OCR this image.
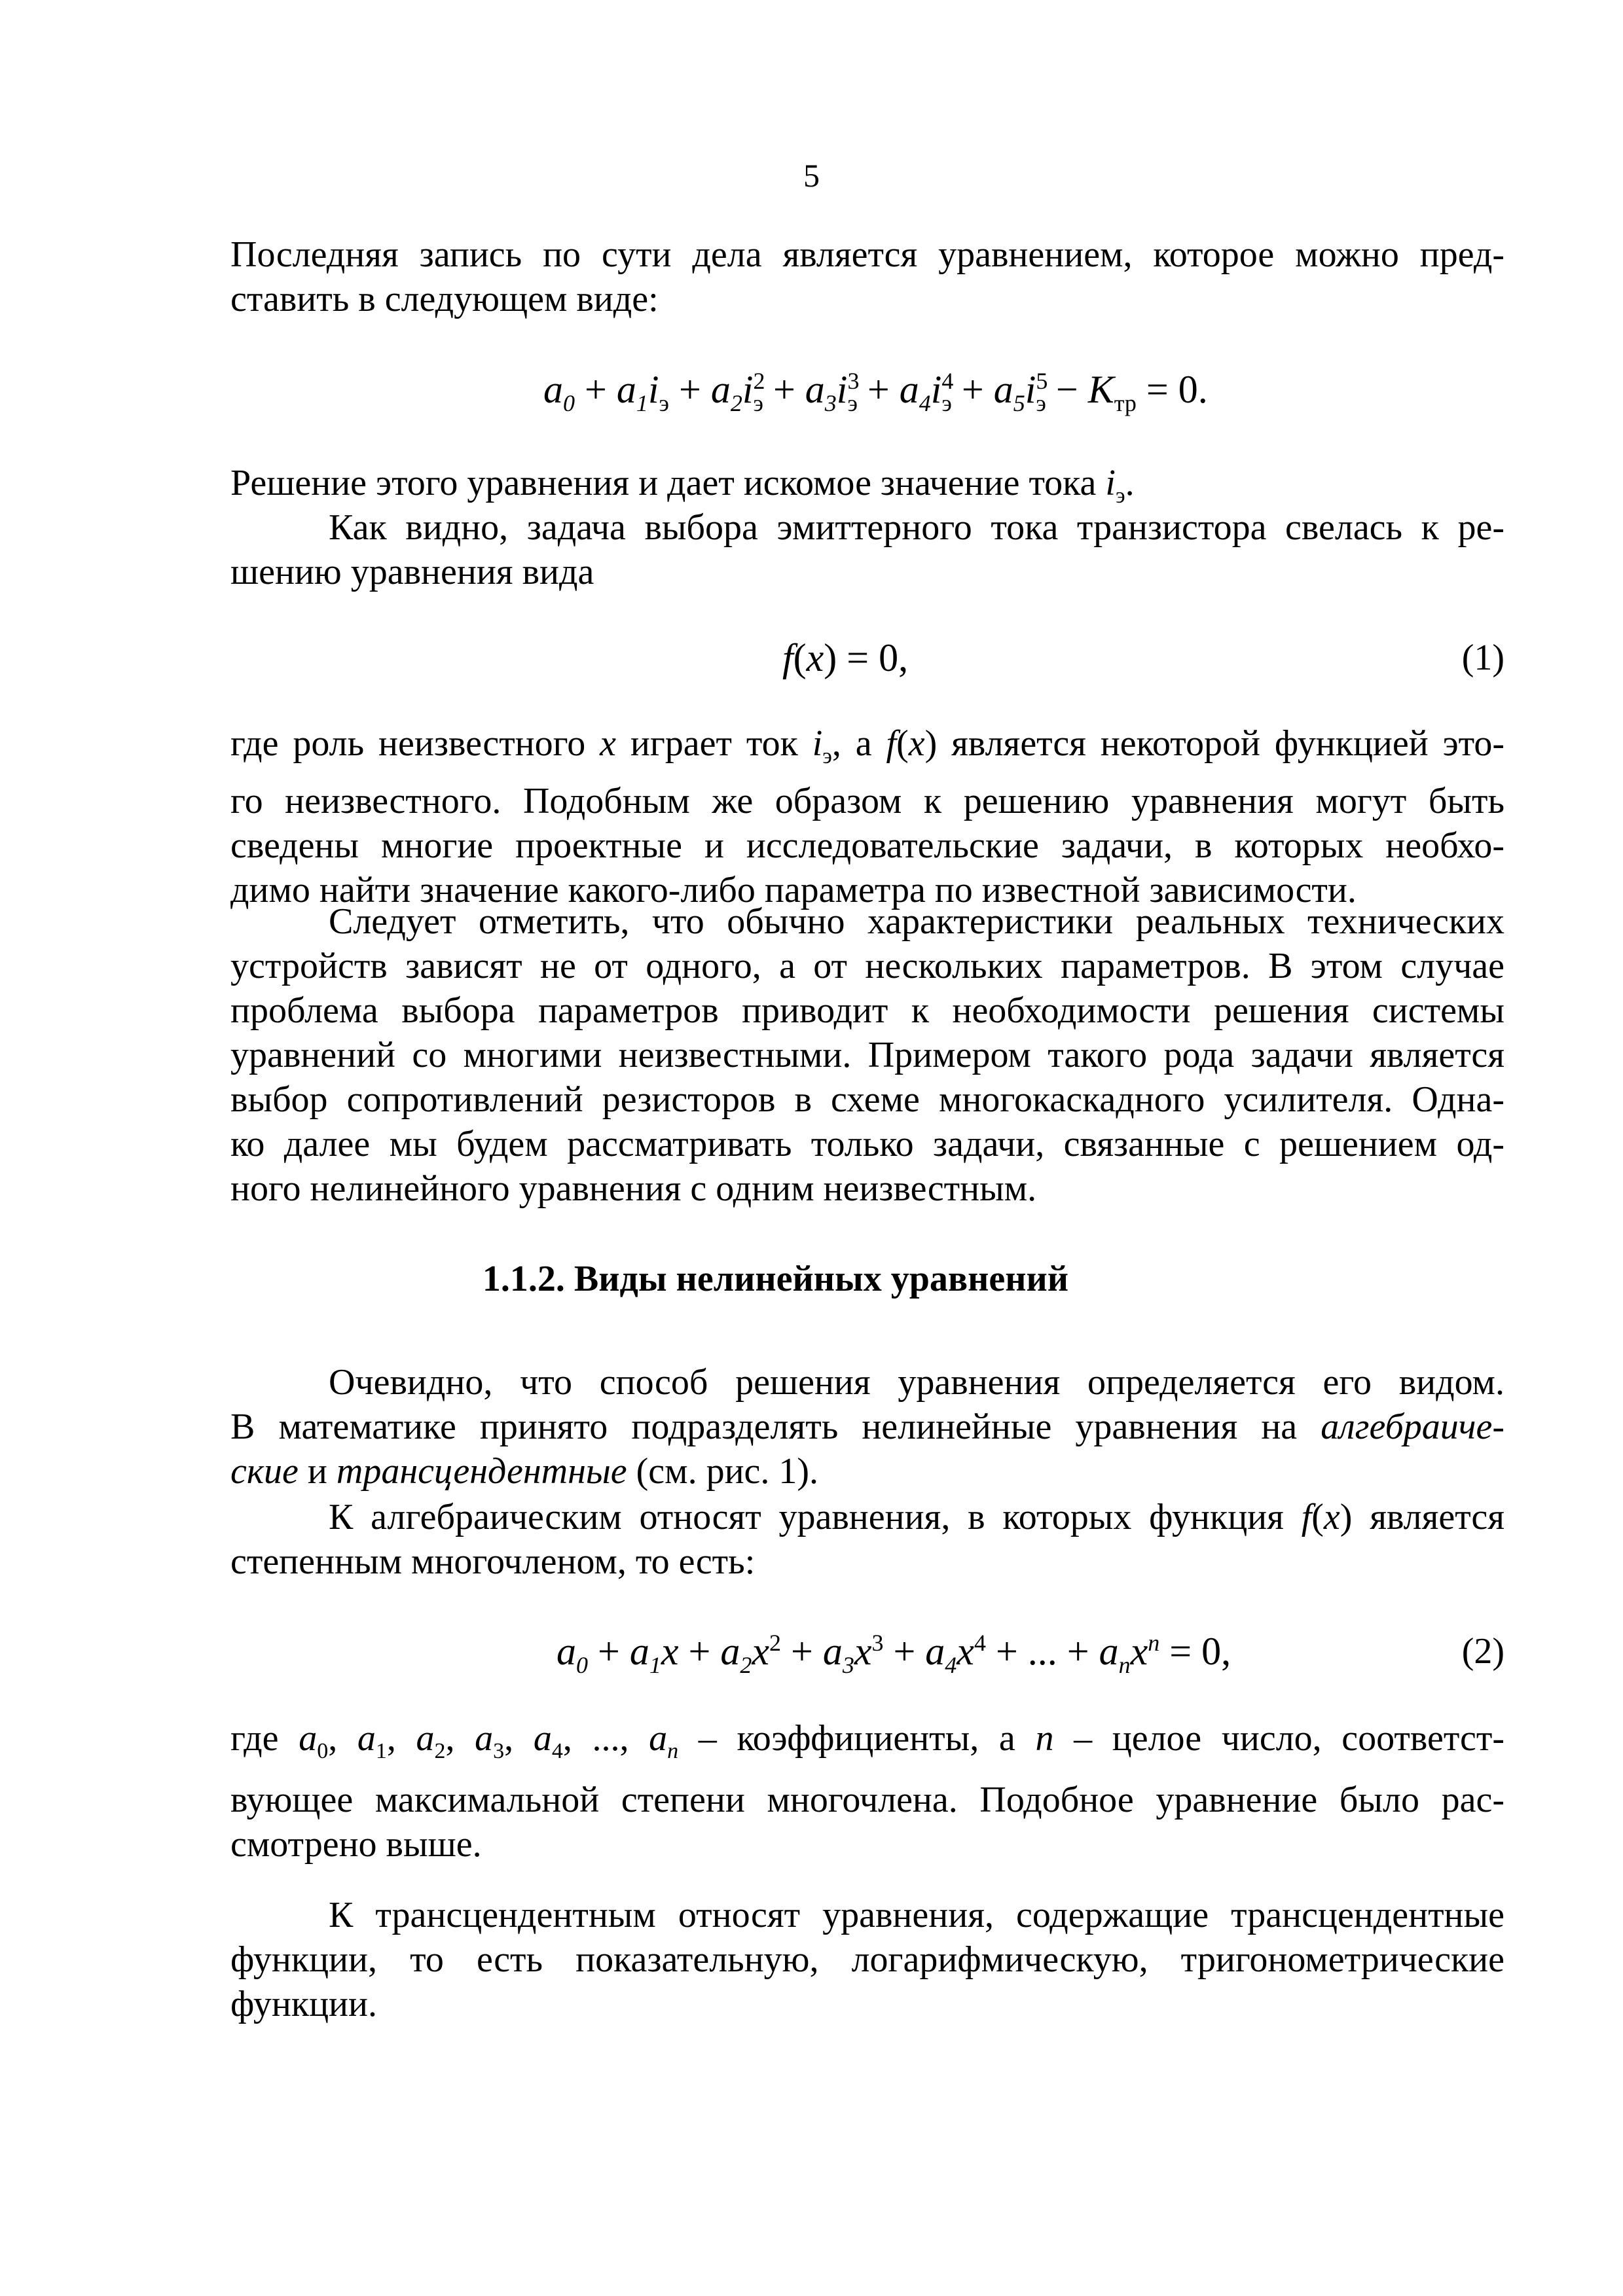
5
Последняя запись по сути дела является уравнением, которое можно пред-
ставить в следующем виде:
$a_0 + a_1i_э + a_2i^2_э + a_3i^3_э + a_4i^4_э + a_5i^5_э - K_{тр} = 0$.
Решение этого уравнения и дает искомое значение тока $i_э$.
Как видно, задача выбора эмиттерного тока транзистора свелась к ре-
шению уравнения вида
f(x) = 0,	(1)
где роль неизвестного x играет ток $i_э$, а f(x) является некоторой функцией это-
го неизвестного. Подобным же образом к решению уравнения могут быть
сведены многие проектные и исследовательские задачи, в которых необхо-
димо найти значение какого-либо параметра по известной зависимости.
Следует отметить, что обычно характеристики реальных технических
устройств зависят не от одного, а от нескольких параметров. В этом случае
проблема выбора параметров приводит к необходимости решения системы
уравнений со многими неизвестными. Примером такого рода задачи является
выбор сопротивлений резисторов в схеме многокаскадного усилителя. Одна-
ко далее мы будем рассматривать только задачи, связанные с решением од-
ного нелинейного уравнения с одним неизвестным.
1.1.2. Виды нелинейных уравнений
Очевидно, что способ решения уравнения определяется его видом.
В математике принято подразделять нелинейные уравнения на алгебраиче-
ские и трансцендентные (см. рис. 1).
К алгебраическим относят уравнения, в которых функция f(x) является
степенным многочленом, то есть:
$a_0 + a_1x + a_2x^2 + a_3x^3 + a_4x^4$ + ... + $a_nx^n = 0$,	(2)
где $a_0$, $a_1$, $a_2$, $a_3$, $a_4$, ..., $a_n$ – коэффициенты, а n – целое число, соответст-
вующее максимальной степени многочлена. Подобное уравнение было рас-
смотрено выше.
К трансцендентным относят уравнения, содержащие трансцендентные
функции, то есть показательную, логарифмическую, тригонометрические
функции.
